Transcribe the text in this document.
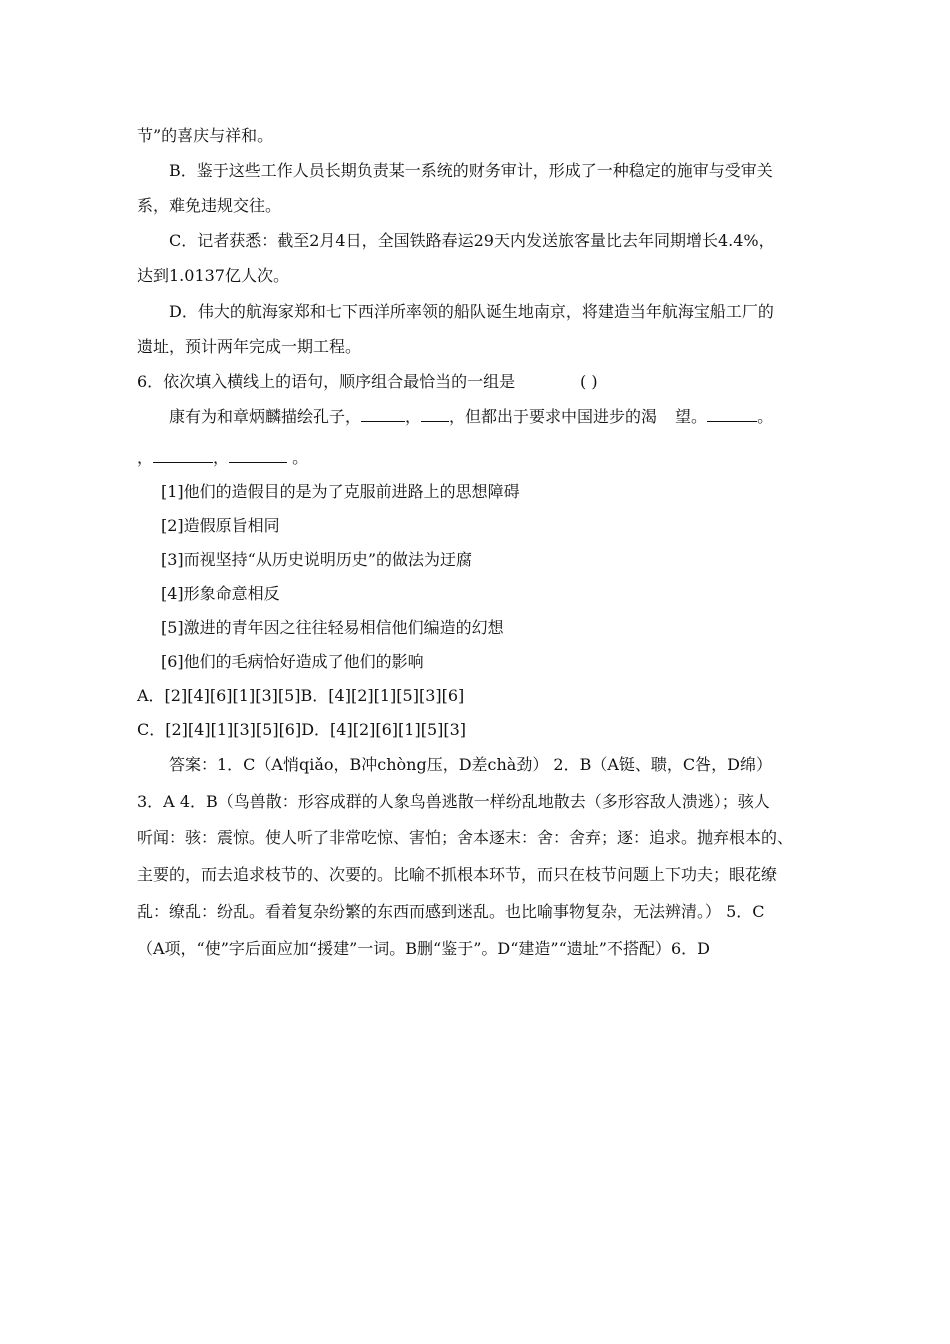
节”的喜庆与祥和。
B．鉴于这些工作人员长期负责某一系统的财务审计，形成了一种稳定的施审与受审关
系，难免违规交往。
C．记者获悉：截至2月4日，全国铁路春运29天内发送旅客量比去年同期增长4.4%，
达到1.0137亿人次。
D．伟大的航海家郑和七下西洋所率领的船队诞生地南京，将建造当年航海宝船工厂的
遗址，预计两年完成一期工程。
6．依次填入横线上的语句，顺序组合最恰当的一组是	( )
康有为和章炳麟描绘孔子，	， ，但都出于要求中国进步的渴 望。	。
，	，	。
[1]他们的造假目的是为了克服前进路上的思想障碍
[2]造假原旨相同
[3]而视坚持“从历史说明历史”的做法为迂腐
[4]形象命意相反
[5]激进的青年因之往往轻易相信他们编造的幻想
[6]他们的毛病恰好造成了他们的影响
A．[2][4][6][1][3][5]B．[4][2][1][5][3][6]
C．[2][4][1][3][5][6]D．[4][2][6][1][5][3]
答案：1．C（A悄qiǎo，B冲chòng压，D差chà劲） 2．B（A铤、聩，C咎，D绵）
3．A 4．B（鸟兽散：形容成群的人象鸟兽逃散一样纷乱地散去（多形容敌人溃逃）；骇人
听闻：骇：震惊。使人听了非常吃惊、害怕；舍本逐末：舍：舍弃；逐：追求。抛弃根本的、
主要的，而去追求枝节的、次要的。比喻不抓根本环节，而只在枝节问题上下功夫；眼花缭
乱：缭乱：纷乱。看着复杂纷繁的东西而感到迷乱。也比喻事物复杂，无法辨清。） 5．C
（A项，“使”字后面应加“援建”一词。B删“鉴于”。D“建造”“遗址”不搭配）6．D
